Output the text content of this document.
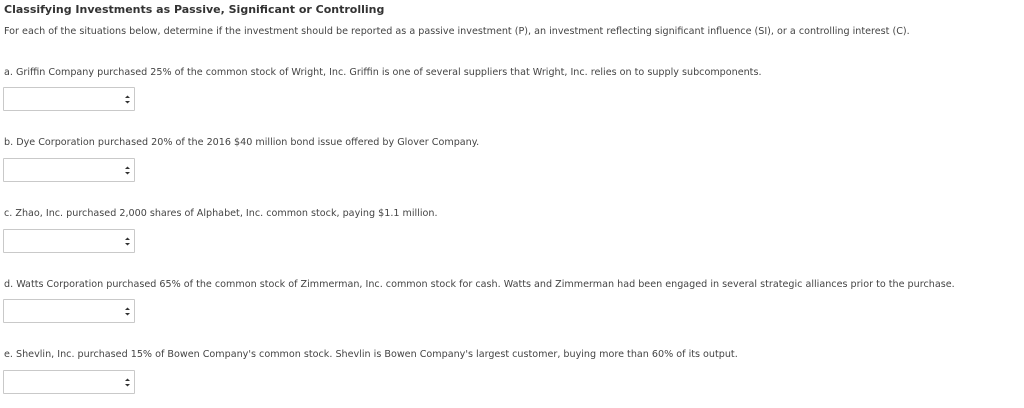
Classifying Investments as Passive, Significant or Controlling
For each of the situations below, determine if the investment should be reported as a passive investment (P), an investment reflecting significant influence (SI), or a controlling interest (C).
a. Griffin Company purchased 25% of the common stock of Wright, Inc. Griffin is one of several suppliers that Wright, Inc. relies on to supply subcomponents.
b. Dye Corporation purchased 20% of the 2016 $40 million bond issue offered by Glover Company.
c. Zhao, Inc. purchased 2,000 shares of Alphabet, Inc. common stock, paying $1.1 million.
d. Watts Corporation purchased 65% of the common stock of Zimmerman, Inc. common stock for cash. Watts and Zimmerman had been engaged in several strategic alliances prior to the purchase.
e. Shevlin, Inc. purchased 15% of Bowen Company's common stock. Shevlin is Bowen Company's largest customer, buying more than 60% of its output.
